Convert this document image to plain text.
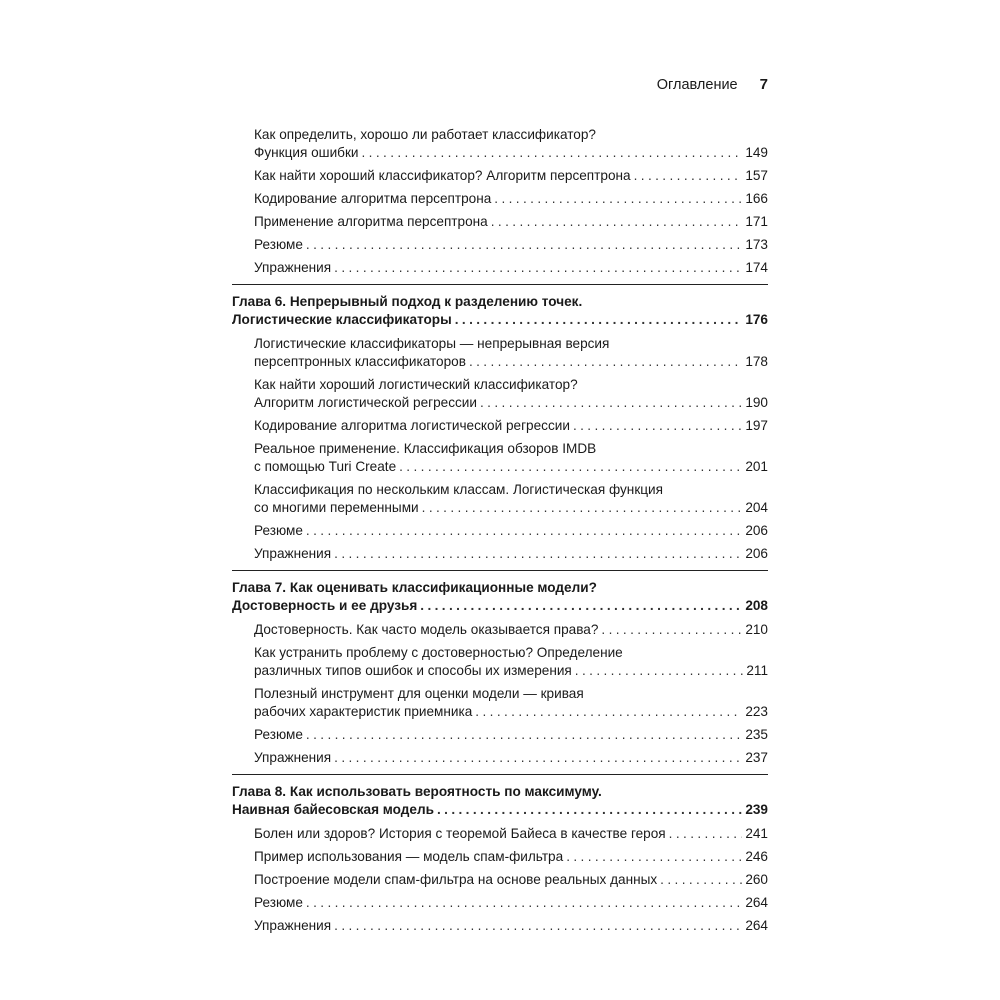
Оглавление 7
Как определить, хорошо ли работает классификатор?
Функция ошибки .....	149
Как найти хороший классификатор? Алгоритм персептрона .....	157
Кодирование алгоритма персептрона .....	166
Применение алгоритма персептрона .....	171
Резюме .....	173
Упражнения .....	174
Глава 6. Непрерывный подход к разделению точек.
Логистические классификаторы .....	176
Логистические классификаторы — непрерывная версия
персептронных классификаторов .....	178
Как найти хороший логистический классификатор?
Алгоритм логистической регрессии .....	190
Кодирование алгоритма логистической регрессии .....	197
Реальное применение. Классификация обзоров IMDB
с помощью Turi Create .....	201
Классификация по нескольким классам. Логистическая функция
со многими переменными .....	204
Резюме .....	206
Упражнения .....	206
Глава 7. Как оценивать классификационные модели?
Достоверность и ее друзья .....	208
Достоверность. Как часто модель оказывается права? .....	210
Как устранить проблему с достоверностью? Определение
различных типов ошибок и способы их измерения .....	211
Полезный инструмент для оценки модели — кривая
рабочих характеристик приемника .....	223
Резюме .....	235
Упражнения .....	237
Глава 8. Как использовать вероятность по максимуму.
Наивная байесовская модель .....	239
Болен или здоров? История с теоремой Байеса в качестве героя .....	241
Пример использования — модель спам-фильтра .....	246
Построение модели спам-фильтра на основе реальных данных .....	260
Резюме .....	264
Упражнения .....	264
